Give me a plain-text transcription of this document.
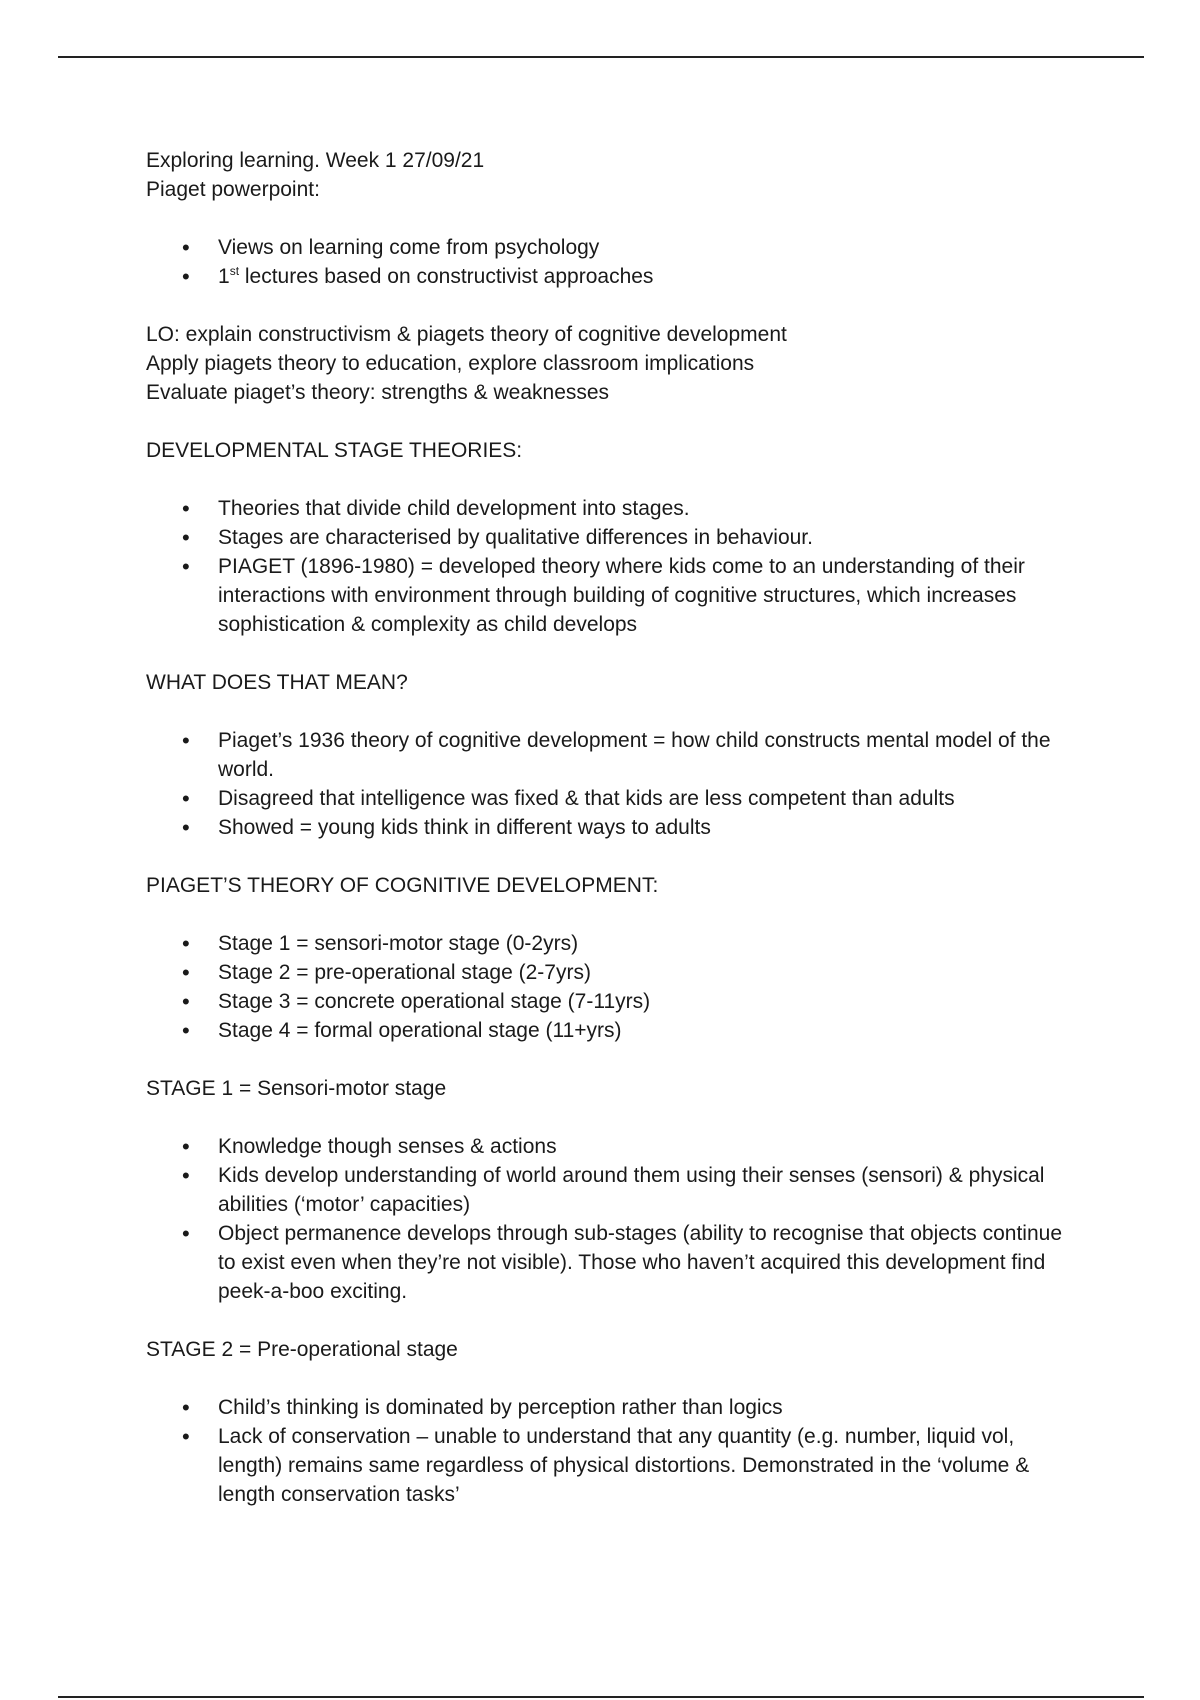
Exploring learning. Week 1 27/09/21

Piaget powerpoint:

• Views on learning come from psychology
• 1st lectures based on constructivist approaches

LO: explain constructivism & piagets theory of cognitive development

Apply piagets theory to education, explore classroom implications

Evaluate piaget’s theory: strengths & weaknesses

DEVELOPMENTAL STAGE THEORIES:

• Theories that divide child development into stages.
• Stages are characterised by qualitative differences in behaviour.
• PIAGET (1896-1980) = developed theory where kids come to an understanding of their interactions with environment through building of cognitive structures, which increases sophistication & complexity as child develops

WHAT DOES THAT MEAN?

• Piaget’s 1936 theory of cognitive development = how child constructs mental model of the world.
• Disagreed that intelligence was fixed & that kids are less competent than adults
• Showed = young kids think in different ways to adults

PIAGET’S THEORY OF COGNITIVE DEVELOPMENT:

• Stage 1 = sensori-motor stage (0-2yrs)
• Stage 2 = pre-operational stage (2-7yrs)
• Stage 3 = concrete operational stage (7-11yrs)
• Stage 4 = formal operational stage (11+yrs)

STAGE 1 = Sensori-motor stage

• Knowledge though senses & actions
• Kids develop understanding of world around them using their senses (sensori) & physical abilities (‘motor’ capacities)
• Object permanence develops through sub-stages (ability to recognise that objects continue to exist even when they’re not visible). Those who haven’t acquired this development find peek-a-boo exciting.

STAGE 2 = Pre-operational stage

• Child’s thinking is dominated by perception rather than logics
• Lack of conservation – unable to understand that any quantity (e.g. number, liquid vol, length) remains same regardless of physical distortions. Demonstrated in the ‘volume & length conservation tasks’
